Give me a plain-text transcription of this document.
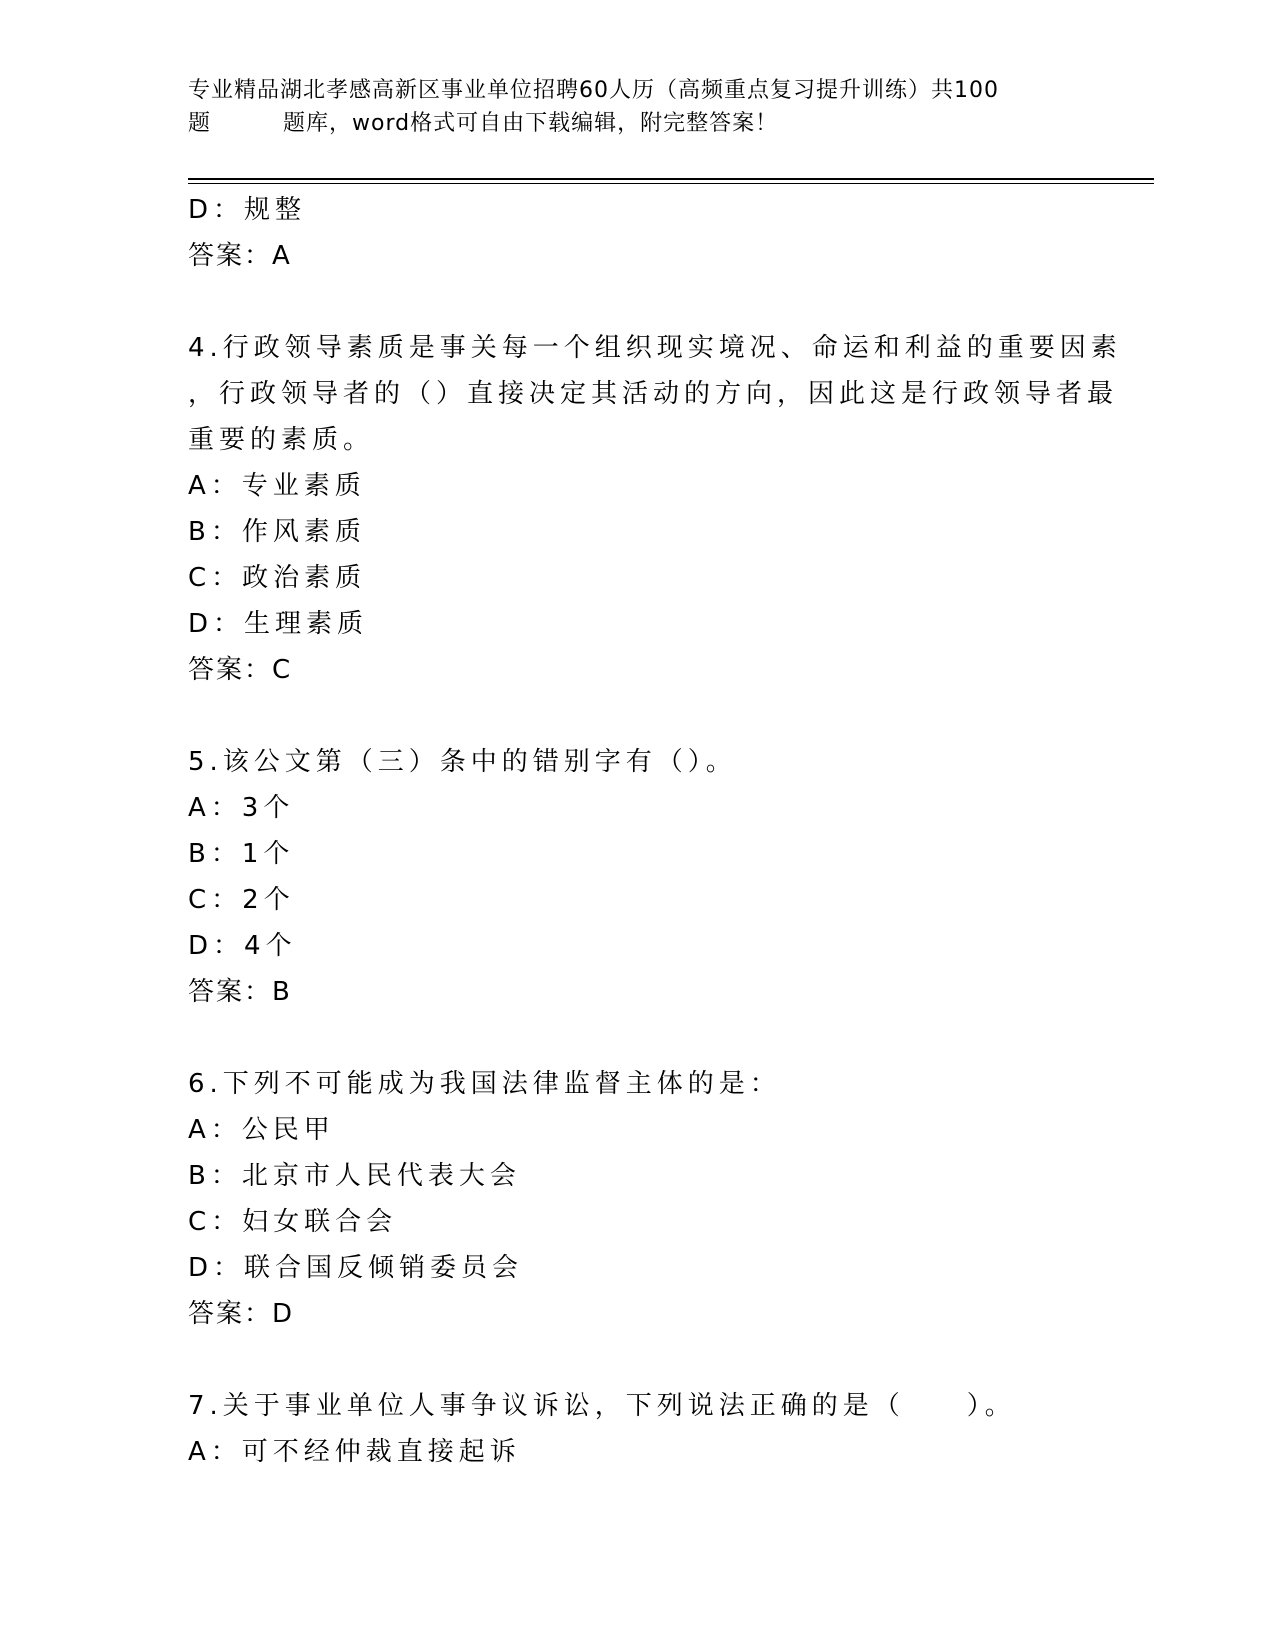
专业精品湖北孝感高新区事业单位招聘60人历（高频重点复习提升训练）共100
题	题库，word格式可自由下载编辑，附完整答案！
D：规整
答案：A
4.行政领导素质是事关每一个组织现实境况、命运和利益的重要因素
，行政领导者的（）直接决定其活动的方向，因此这是行政领导者最
重要的素质。
A：专业素质
B：作风素质
C：政治素质
D：生理素质
答案：C
5.该公文第（三）条中的错别字有（）。
A：3个
B：1个
C：2个
D：4个
答案：B
6.下列不可能成为我国法律监督主体的是：
A：公民甲
B：北京市人民代表大会
C：妇女联合会
D：联合国反倾销委员会
答案：D
7.关于事业单位人事争议诉讼，下列说法正确的是（　　）。
A：可不经仲裁直接起诉
